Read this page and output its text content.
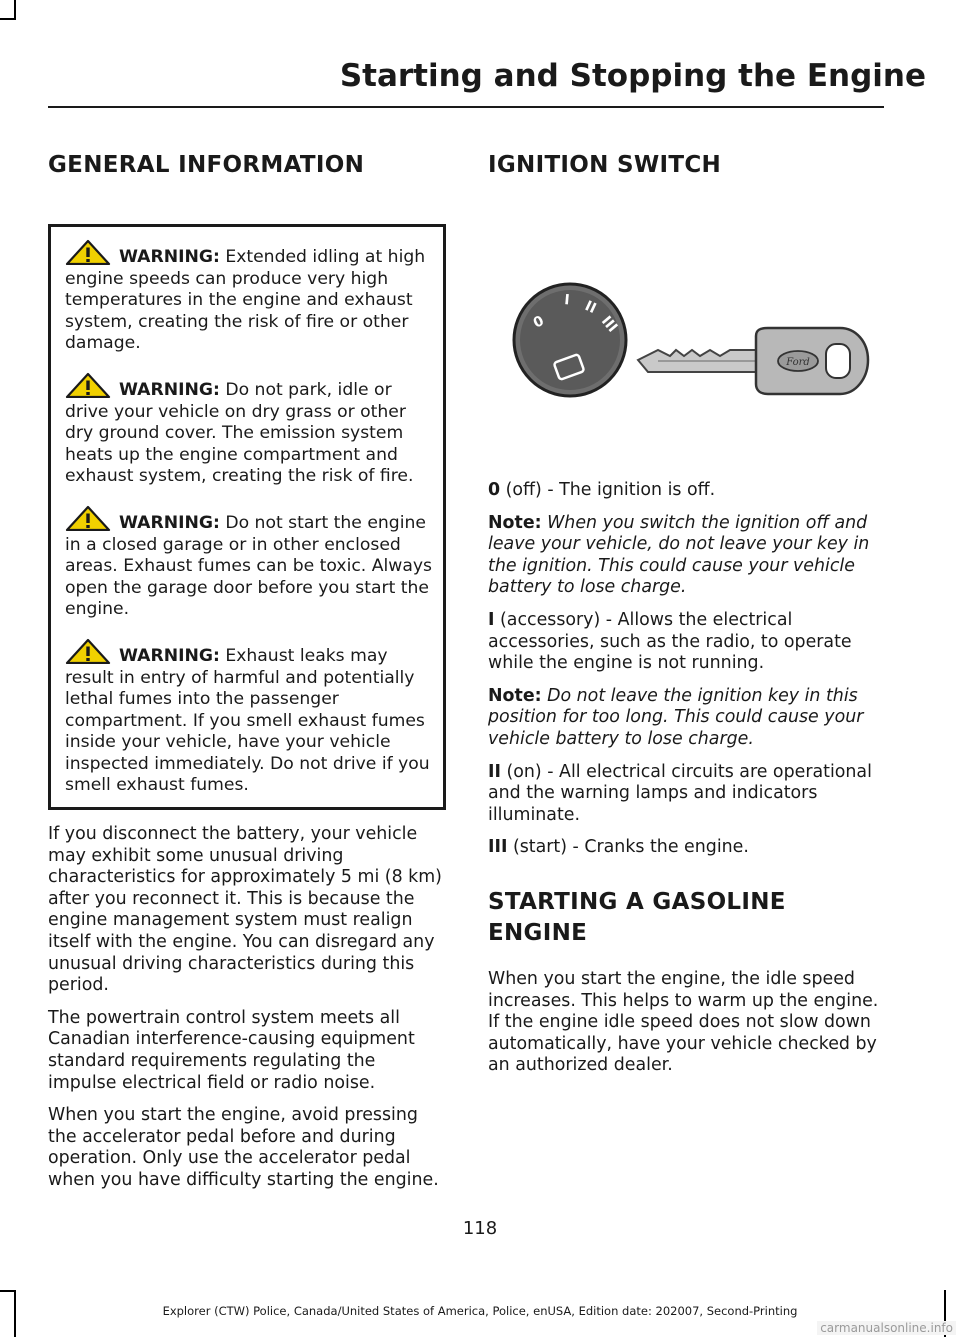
Starting and Stopping the Engine
GENERAL INFORMATION

WARNING: Extended idling at high engine speeds can produce very high temperatures in the engine and exhaust system, creating the risk of fire or other damage.

WARNING: Do not park, idle or drive your vehicle on dry grass or other dry ground cover. The emission system heats up the engine compartment and exhaust system, creating the risk of fire.

WARNING: Do not start the engine in a closed garage or in other enclosed areas. Exhaust fumes can be toxic. Always open the garage door before you start the engine.

WARNING: Exhaust leaks may result in entry of harmful and potentially lethal fumes into the passenger compartment. If you smell exhaust fumes inside your vehicle, have your vehicle inspected immediately. Do not drive if you smell exhaust fumes.

If you disconnect the battery, your vehicle may exhibit some unusual driving characteristics for approximately 5 mi (8 km) after you reconnect it. This is because the engine management system must realign itself with the engine. You can disregard any unusual driving characteristics during this period.

The powertrain control system meets all Canadian interference-causing equipment standard requirements regulating the impulse electrical field or radio noise.

When you start the engine, avoid pressing the accelerator pedal before and during operation. Only use the accelerator pedal when you have difficulty starting the engine.

IGNITION SWITCH
0
I II
III
Ford

0 (off) - The ignition is off.

Note: When you switch the ignition off and leave your vehicle, do not leave your key in the ignition. This could cause your vehicle battery to lose charge.

I (accessory) - Allows the electrical accessories, such as the radio, to operate while the engine is not running.

Note: Do not leave the ignition key in this position for too long. This could cause your vehicle battery to lose charge.

II (on) - All electrical circuits are operational and the warning lamps and indicators illuminate.

III (start) - Cranks the engine.

STARTING A GASOLINE
ENGINE

When you start the engine, the idle speed increases. This helps to warm up the engine. If the engine idle speed does not slow down automatically, have your vehicle checked by an authorized dealer.

118
Explorer (CTW) Police, Canada/United States of America, Police, enUSA, Edition date: 202007, Second-Printing
carmanualsonline.info
